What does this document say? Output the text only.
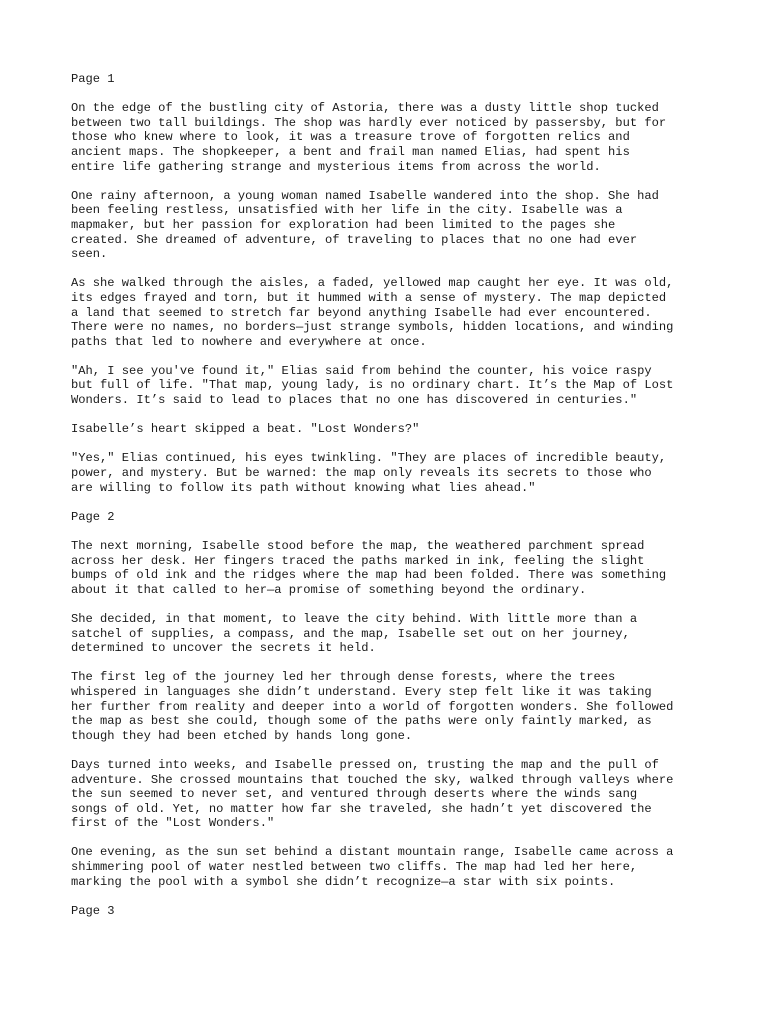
Page 1
On the edge of the bustling city of Astoria, there was a dusty little shop tucked
between two tall buildings. The shop was hardly ever noticed by passersby, but for
those who knew where to look, it was a treasure trove of forgotten relics and
ancient maps. The shopkeeper, a bent and frail man named Elias, had spent his
entire life gathering strange and mysterious items from across the world.
One rainy afternoon, a young woman named Isabelle wandered into the shop. She had
been feeling restless, unsatisfied with her life in the city. Isabelle was a
mapmaker, but her passion for exploration had been limited to the pages she
created. She dreamed of adventure, of traveling to places that no one had ever
seen.
As she walked through the aisles, a faded, yellowed map caught her eye. It was old,
its edges frayed and torn, but it hummed with a sense of mystery. The map depicted
a land that seemed to stretch far beyond anything Isabelle had ever encountered.
There were no names, no borders—just strange symbols, hidden locations, and winding
paths that led to nowhere and everywhere at once.
"Ah, I see you've found it," Elias said from behind the counter, his voice raspy
but full of life. "That map, young lady, is no ordinary chart. It’s the Map of Lost
Wonders. It’s said to lead to places that no one has discovered in centuries."
Isabelle’s heart skipped a beat. "Lost Wonders?"
"Yes," Elias continued, his eyes twinkling. "They are places of incredible beauty,
power, and mystery. But be warned: the map only reveals its secrets to those who
are willing to follow its path without knowing what lies ahead."
Page 2
The next morning, Isabelle stood before the map, the weathered parchment spread
across her desk. Her fingers traced the paths marked in ink, feeling the slight
bumps of old ink and the ridges where the map had been folded. There was something
about it that called to her—a promise of something beyond the ordinary.
She decided, in that moment, to leave the city behind. With little more than a
satchel of supplies, a compass, and the map, Isabelle set out on her journey,
determined to uncover the secrets it held.
The first leg of the journey led her through dense forests, where the trees
whispered in languages she didn’t understand. Every step felt like it was taking
her further from reality and deeper into a world of forgotten wonders. She followed
the map as best she could, though some of the paths were only faintly marked, as
though they had been etched by hands long gone.
Days turned into weeks, and Isabelle pressed on, trusting the map and the pull of
adventure. She crossed mountains that touched the sky, walked through valleys where
the sun seemed to never set, and ventured through deserts where the winds sang
songs of old. Yet, no matter how far she traveled, she hadn’t yet discovered the
first of the "Lost Wonders."
One evening, as the sun set behind a distant mountain range, Isabelle came across a
shimmering pool of water nestled between two cliffs. The map had led her here,
marking the pool with a symbol she didn’t recognize—a star with six points.
Page 3
